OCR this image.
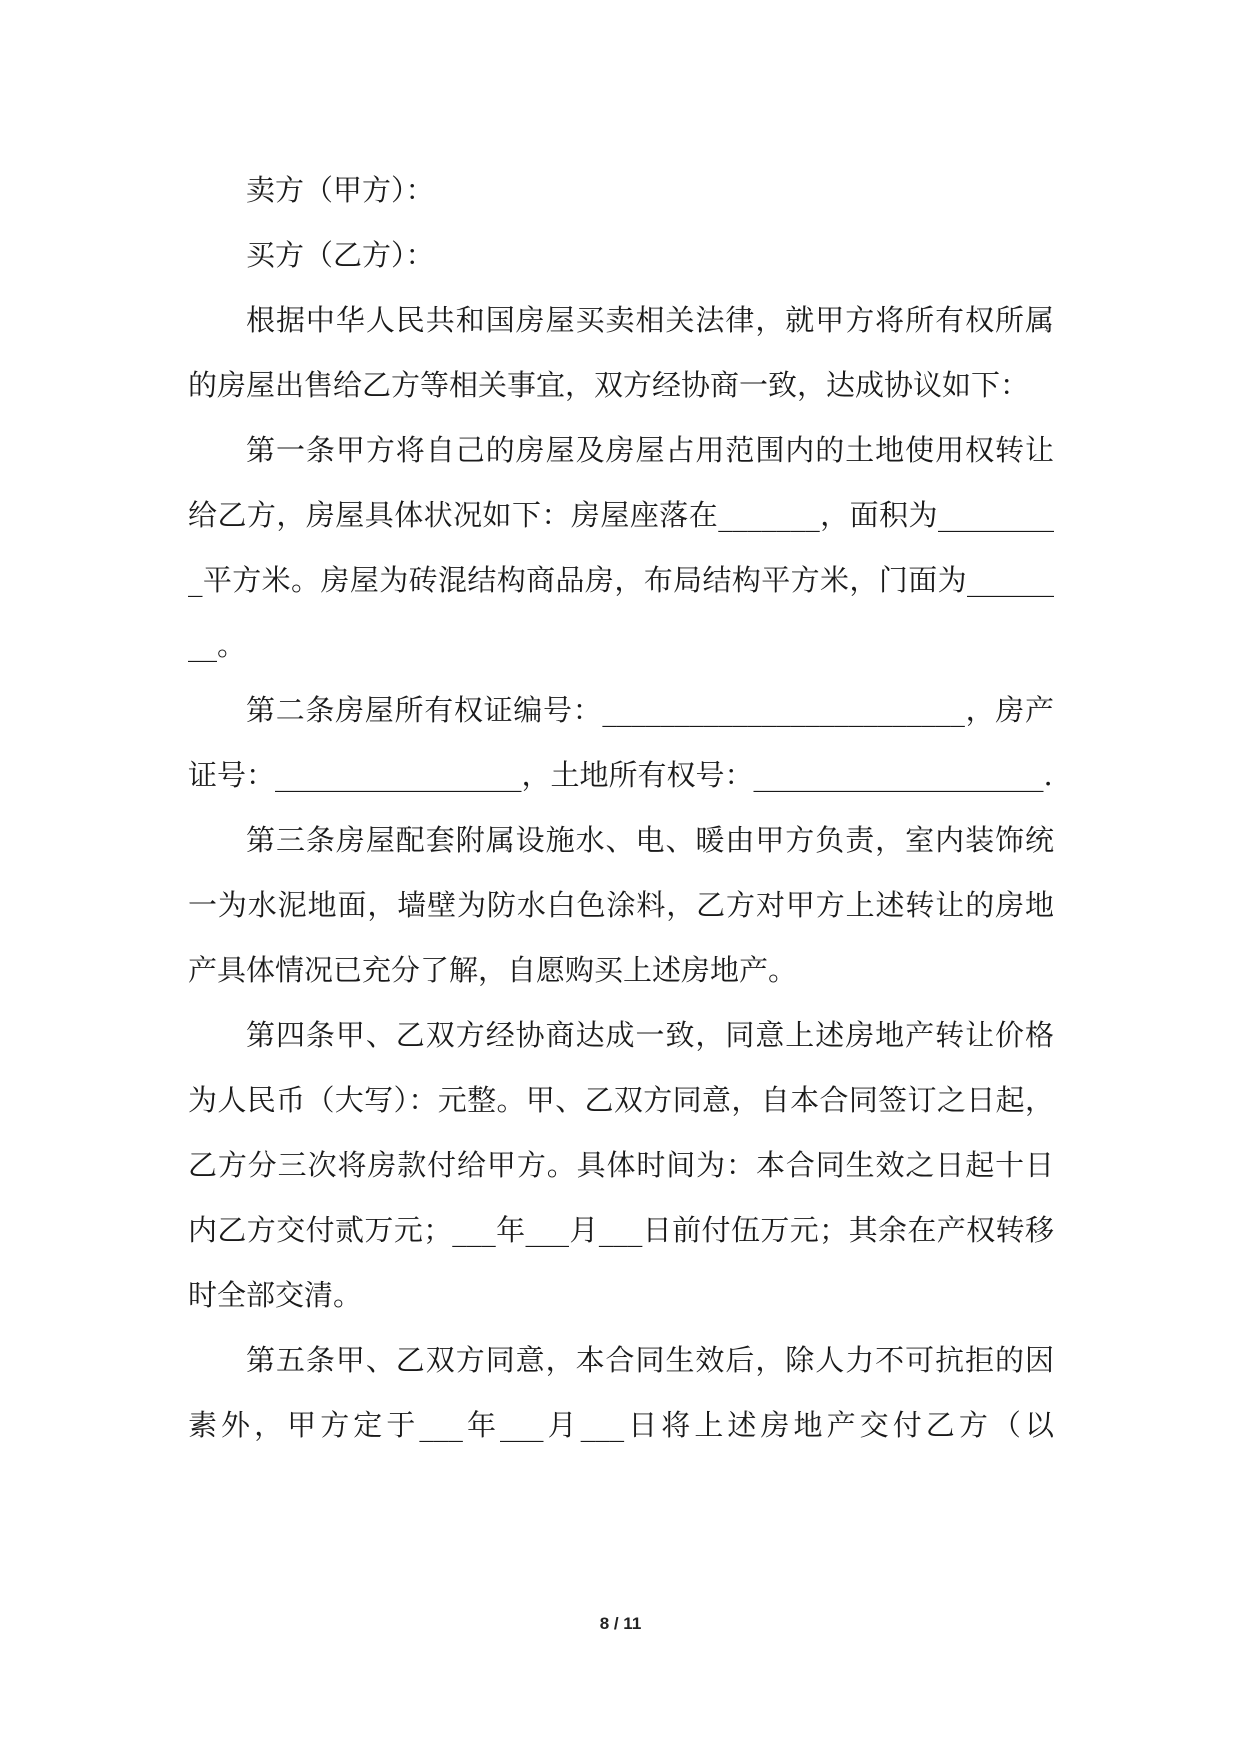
卖方（甲方）：

买方（乙方）：

根据中华人民共和国房屋买卖相关法律，就甲方将所有权所属的房屋出售给乙方等相关事宜，双方经协商一致，达成协议如下：

第一条甲方将自己的房屋及房屋占用范围内的土地使用权转让给乙方，房屋具体状况如下：房屋座落在_______，面积为_________平方米。房屋为砖混结构商品房，布局结构平方米，门面为________。

第二条房屋所有权证编号：_________________________，房产证号：_________________，土地所有权号：____________________.

第三条房屋配套附属设施水、电、暖由甲方负责，室内装饰统一为水泥地面，墙壁为防水白色涂料，乙方对甲方上述转让的房地产具体情况已充分了解，自愿购买上述房地产。

第四条甲、乙双方经协商达成一致，同意上述房地产转让价格为人民币（大写）：元整。甲、乙双方同意，自本合同签订之日起，乙方分三次将房款付给甲方。具体时间为：本合同生效之日起十日内乙方交付贰万元；___年___月___日前付伍万元；其余在产权转移时全部交清。

第五条甲、乙双方同意，本合同生效后，除人力不可抗拒的因素外，甲方定于___年___月___日将上述房地产交付乙方（以

8 / 11
